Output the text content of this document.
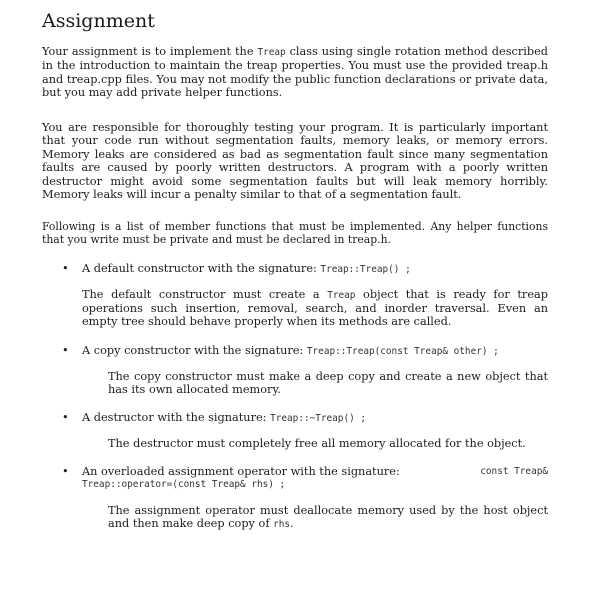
Assignment

Your assignment is to implement the Treap class using single rotation method described in the introduction to maintain the treap properties. You must use the provided treap.h and treap.cpp files. You may not modify the public function declarations or private data, but you may add private helper functions.

You are responsible for thoroughly testing your program. It is particularly important that your code run without segmentation faults, memory leaks, or memory errors. Memory leaks are considered as bad as segmentation fault since many segmentation faults are caused by poorly written destructors. A program with a poorly written destructor might avoid some segmentation faults but will leak memory horribly. Memory leaks will incur a penalty similar to that of a segmentation fault.

Following is a list of member functions that must be implemented. Any helper functions that you write must be private and must be declared in treap.h.

• A default constructor with the signature: Treap::Treap() ;

The default constructor must create a Treap object that is ready for treap operations such insertion, removal, search, and inorder traversal. Even an empty tree should behave properly when its methods are called.

• A copy constructor with the signature: Treap::Treap(const Treap& other) ;

The copy constructor must make a deep copy and create a new object that has its own allocated memory.

• A destructor with the signature: Treap::~Treap() ;

The destructor must completely free all memory allocated for the object.

• An overloaded assignment operator with the signature:	const Treap&
Treap::operator=(const Treap& rhs) ;

The assignment operator must deallocate memory used by the host object and then make deep copy of rhs.
